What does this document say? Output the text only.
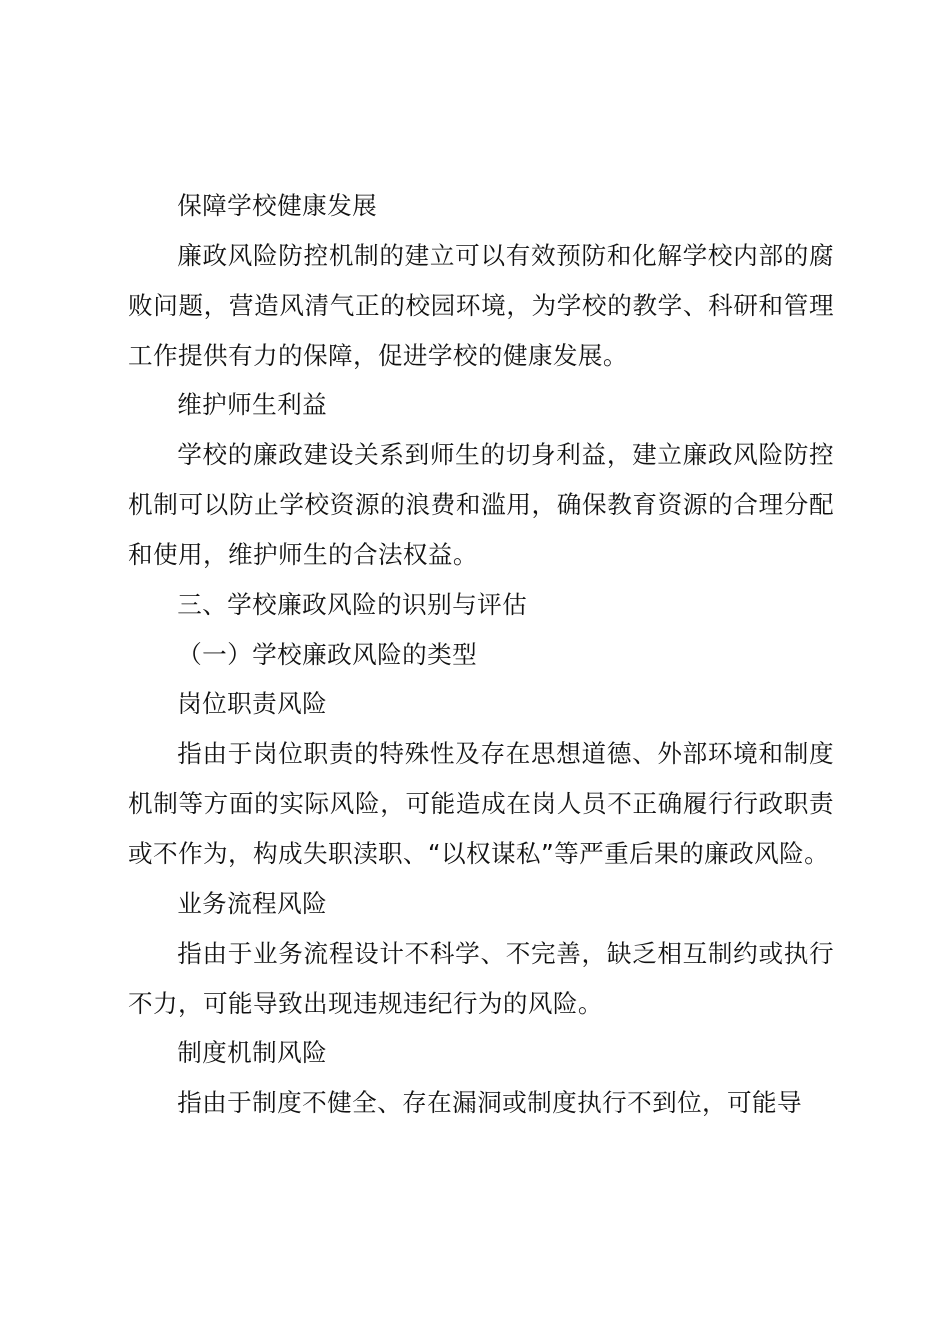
保障学校健康发展

廉政风险防控机制的建立可以有效预防和化解学校内部的腐败问题，营造风清气正的校园环境，为学校的教学、科研和管理工作提供有力的保障，促进学校的健康发展。

维护师生利益

学校的廉政建设关系到师生的切身利益，建立廉政风险防控机制可以防止学校资源的浪费和滥用，确保教育资源的合理分配和使用，维护师生的合法权益。

三、学校廉政风险的识别与评估

（一）学校廉政风险的类型

岗位职责风险

指由于岗位职责的特殊性及存在思想道德、外部环境和制度机制等方面的实际风险，可能造成在岗人员不正确履行行政职责或不作为，构成失职渎职、“以权谋私”等严重后果的廉政风险。

业务流程风险

指由于业务流程设计不科学、不完善，缺乏相互制约或执行不力，可能导致出现违规违纪行为的风险。

制度机制风险

指由于制度不健全、存在漏洞或制度执行不到位，可能导
